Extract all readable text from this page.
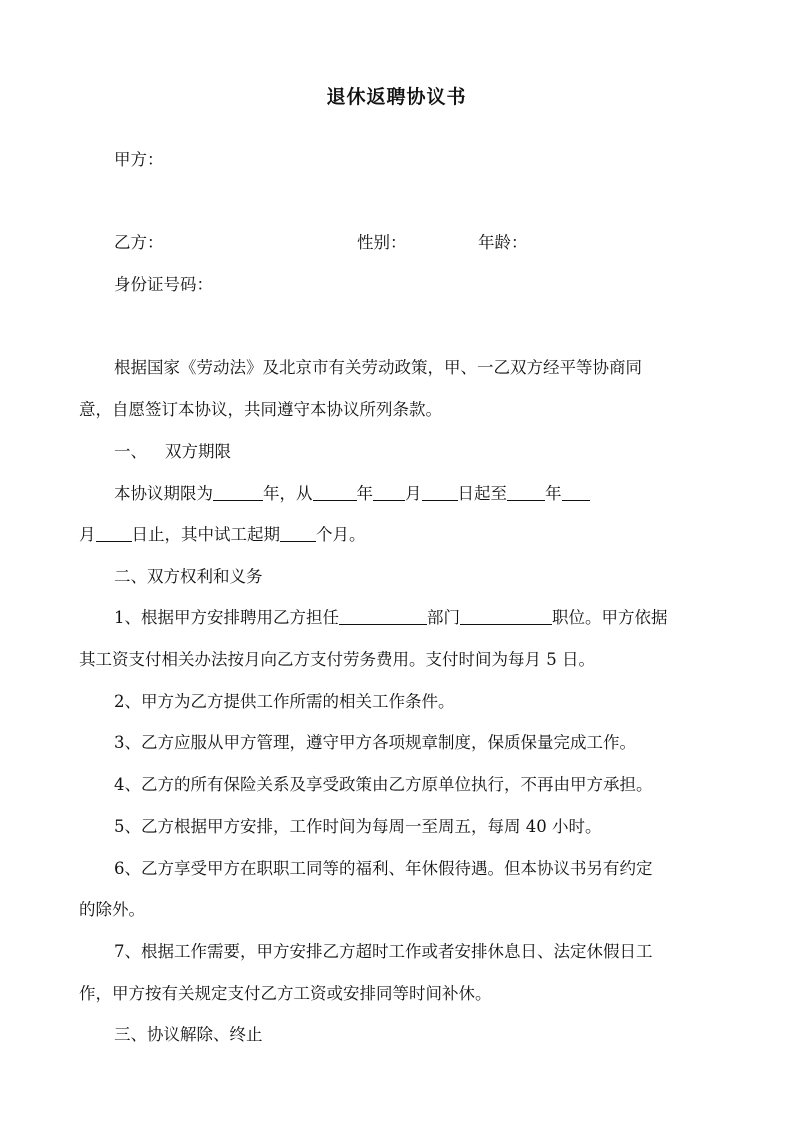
退休返聘协议书
甲方：
乙方：	性别：	年龄：
身份证号码：
根据国家《劳动法》及北京市有关劳动政策，甲、一乙双方经平等协商同
意，自愿签订本协议，共同遵守本协议所列条款。
一、 双方期限
本协议期限为	年，从	年 月 日起至 年
月 日止，其中试工起期 个月。
二、双方权利和义务
1、根据甲方安排聘用乙方担任	部门	职位。甲方依据
其工资支付相关办法按月向乙方支付劳务费用。支付时间为每月 5 日。
2、甲方为乙方提供工作所需的相关工作条件。
3、乙方应服从甲方管理，遵守甲方各项规章制度，保质保量完成工作。
4、乙方的所有保险关系及享受政策由乙方原单位执行，不再由甲方承担。
5、乙方根据甲方安排，工作时间为每周一至周五，每周 40 小时。
6、乙方享受甲方在职职工同等的福利、年休假待遇。但本协议书另有约定
的除外。
7、根据工作需要，甲方安排乙方超时工作或者安排休息日、法定休假日工
作，甲方按有关规定支付乙方工资或安排同等时间补休。
三、协议解除、终止
